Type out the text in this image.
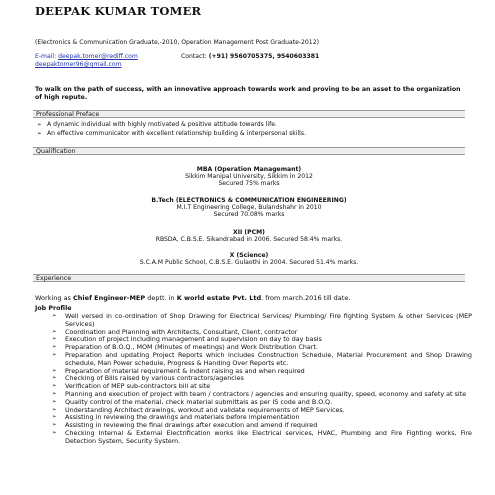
DEEPAK KUMAR TOMER
(Electronics & Communication Graduate,-2010, Operation Management Post Graduate-2012)
E-mail: deepak.tomer@rediff.com	Contact: (+91) 9560705375, 9540603381
deepaktomer96@gmail.com
To walk on the path of success, with an innovative approach towards work and proving to be an asset to the organization of high repute.
Professional Preface
➢ A dynamic individual with highly motivated & positive attitude towards life.
➢ An effective communicator with excellent relationship building & interpersonal skills.
Qualification
MBA (Operation Managemant)
Sikkim Manipal University, Sikkim in 2012
Secured 75% marks
B.Tech (ELECTRONICS & COMMUNICATION ENGINEERING)
M.I.T Engineering College, Bulandshahr in 2010
Secured 70.08% marks
XII (PCM)
RBSDA, C.B.S.E. Sikandrabad in 2006. Secured 58.4% marks.
X (Science)
S.C.A.M Public School, C.B.S.E. Gulaothi in 2004. Secured 51.4% marks.
Experience
Working as Chief Engineer-MEP deptt. in K world estate Pvt. Ltd. from march.2016 till date.
Job Profile
➢ Well versed in co-ordination of Shop Drawing for Electrical Services/ Plumbing/ Fire fighting System & other Services (MEP Services)
➢ Coordination and Planning with Architects, Consultant, Client, contractor
➢ Execution of project including management and supervision on day to day basis
➢ Preparation of B.O.Q., MOM (Minutes of meetings) and Work Distribution Chart.
➢ Preparation and updating Project Reports which includes Construction Schedule, Material Procurement and Shop Drawing schedule, Man Power schedule, Progress & Handing Over Reports etc.
➢ Preparation of material requirement & indent raising as and when required
➢ Checking of Bills raised by various contractors/agencies
➢ Verification of MEP sub-contractors bill at site
➢ Planning and execution of project with team / contractors / agencies and ensuring quality, speed, economy and safety at site
➢ Quality control of the material, check material submittals as per IS code and B.O.Q.
➢ Understanding Architect drawings, workout and validate requirements of MEP Services.
➢ Assisting in reviewing the drawings and materials before implementation
➢ Assisting in reviewing the final drawings after execution and amend if required
➢ Checking Internal & External Electrification works like Electrical services, HVAC, Plumbing and Fire Fighting works, Fire Detection System, Security System.
